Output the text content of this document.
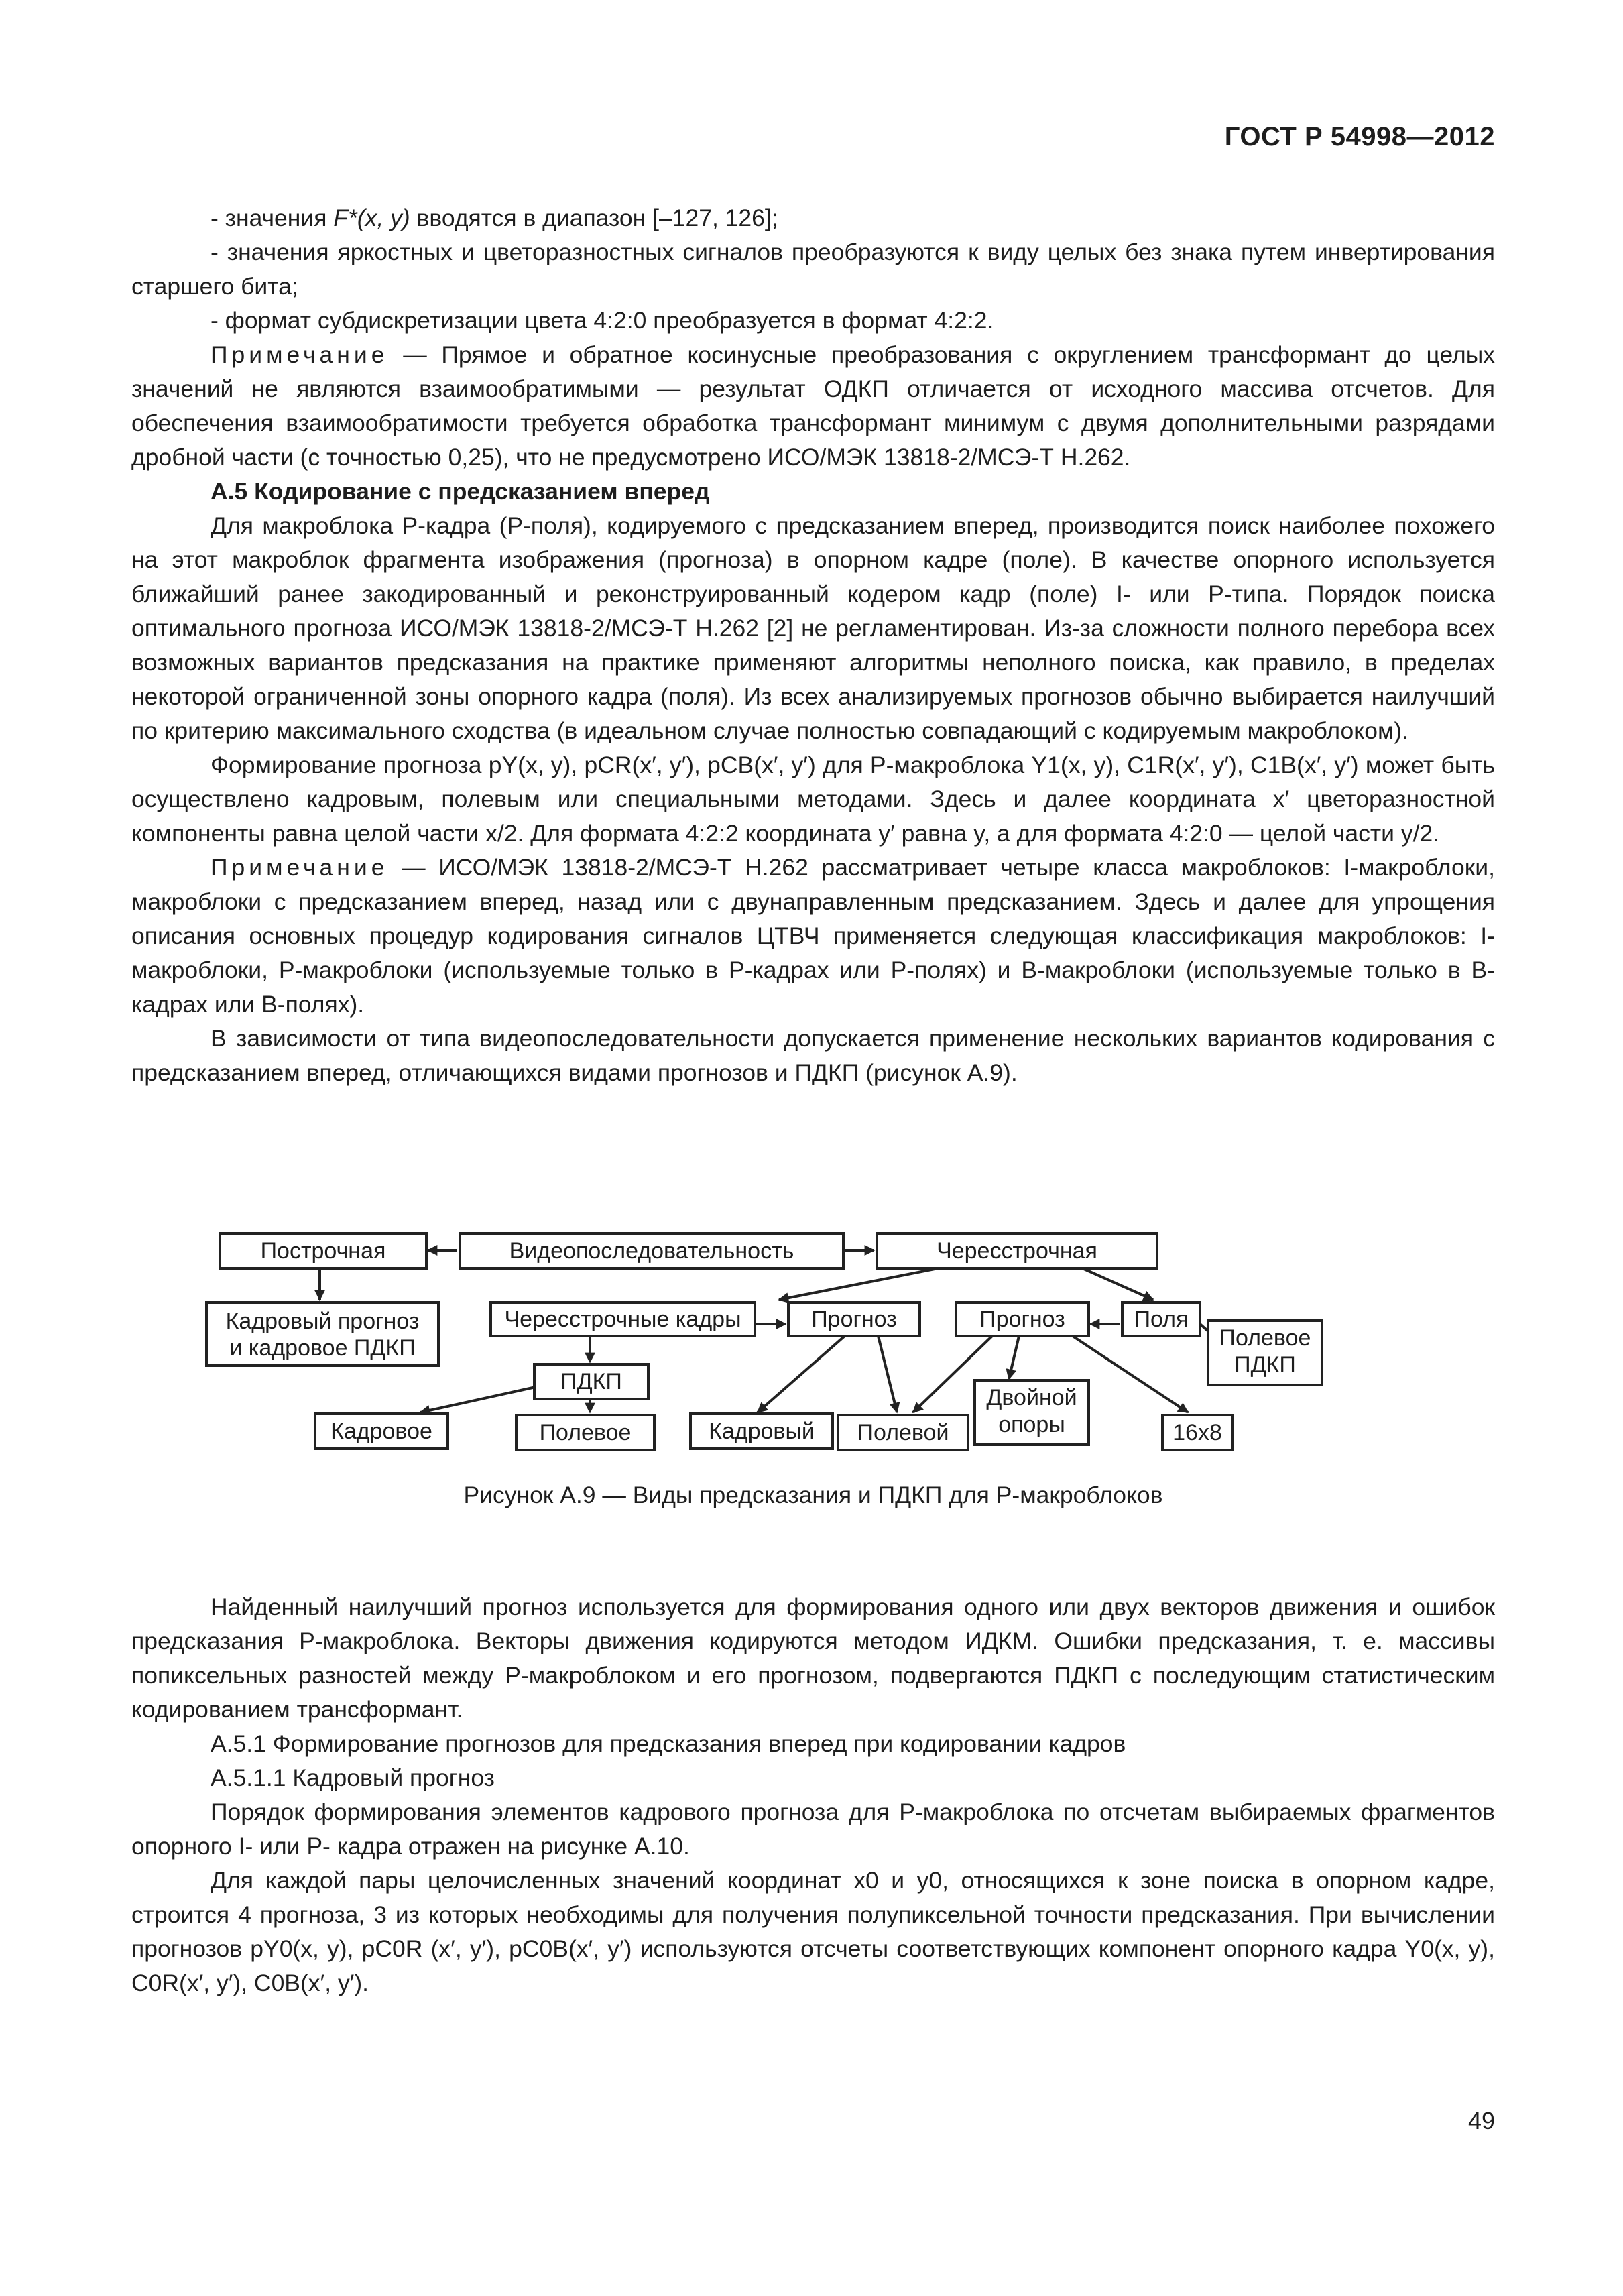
ГОСТ Р 54998—2012

- значения F*(x, y) вводятся в диапазон [–127, 126];

- значения яркостных и цветоразностных сигналов преобразуются к виду целых без знака путем инвертирования старшего бита;

- формат субдискретизации цвета 4:2:0 преобразуется в формат 4:2:2.

Примечание — Прямое и обратное косинусные преобразования с округлением трансформант до целых значений не являются взаимообратимыми — результат ОДКП отличается от исходного массива отсчетов. Для обеспечения взаимообратимости требуется обработка трансформант минимум с двумя дополнительными разрядами дробной части (с точностью 0,25), что не предусмотрено ИСО/МЭК 13818-2/МСЭ-Т H.262.

А.5 Кодирование с предсказанием вперед

Для макроблока P-кадра (P-поля), кодируемого с предсказанием вперед, производится поиск наиболее похожего на этот макроблок фрагмента изображения (прогноза) в опорном кадре (поле). В качестве опорного используется ближайший ранее закодированный и реконструированный кодером кадр (поле) I- или P-типа. Порядок поиска оптимального прогноза ИСО/МЭК 13818-2/МСЭ-Т H.262 [2] не регламентирован. Из-за сложности полного перебора всех возможных вариантов предсказания на практике применяют алгоритмы неполного поиска, как правило, в пределах некоторой ограниченной зоны опорного кадра (поля). Из всех анализируемых прогнозов обычно выбирается наилучший по критерию максимального сходства (в идеальном случае полностью совпадающий с кодируемым макроблоком).

Формирование прогноза pY(x, y), pCR(x′, y′), pCB(x′, y′) для P-макроблока Y1(x, y), C1R(x′, y′), C1B(x′, y′) может быть осуществлено кадровым, полевым или специальными методами. Здесь и далее координата x′ цветоразностной компоненты равна целой части x/2. Для формата 4:2:2 координата y′ равна y, а для формата 4:2:0 — целой части y/2.

Примечание — ИСО/МЭК 13818-2/МСЭ-Т H.262 рассматривает четыре класса макроблоков: I-макроблоки, макроблоки с предсказанием вперед, назад или с двунаправленным предсказанием. Здесь и далее для упрощения описания основных процедур кодирования сигналов ЦТВЧ применяется следующая классификация макроблоков: I-макроблоки, P-макроблоки (используемые только в P-кадрах или P-полях) и B-макроблоки (используемые только в B-кадрах или B-полях).

В зависимости от типа видеопоследовательности допускается применение нескольких вариантов кодирования с предсказанием вперед, отличающихся видами прогнозов и ПДКП (рисунок А.9).

Построчная	Видеопоследовательность	Чересстрочная
Кадровый прогноз
и кадровое ПДКП
Чересстрочные кадры	Прогноз	Прогноз	Поля
ПДКП
Кадровое	Полевое	Кадровый Полевой
Двойной
опоры	16x8
Полевое
ПДКП
Рисунок А.9 — Виды предсказания и ПДКП для P-макроблоков

Найденный наилучший прогноз используется для формирования одного или двух векторов движения и ошибок предсказания P-макроблока. Векторы движения кодируются методом ИДКМ. Ошибки предсказания, т. е. массивы попиксельных разностей между P-макроблоком и его прогнозом, подвергаются ПДКП с последующим статистическим кодированием трансформант.

А.5.1 Формирование прогнозов для предсказания вперед при кодировании кадров

А.5.1.1 Кадровый прогноз

Порядок формирования элементов кадрового прогноза для P-макроблока по отсчетам выбираемых фрагментов опорного I- или P- кадра отражен на рисунке А.10.

Для каждой пары целочисленных значений координат x0 и y0, относящихся к зоне поиска в опорном кадре, строится 4 прогноза, 3 из которых необходимы для получения полупиксельной точности предсказания. При вычислении прогнозов pY0(x, y), pC0R (x′, y′), pC0B(x′, y′) используются отсчеты соответствующих компонент опорного кадра Y0(x, y), C0R(x′, y′), C0B(x′, y′).

49
